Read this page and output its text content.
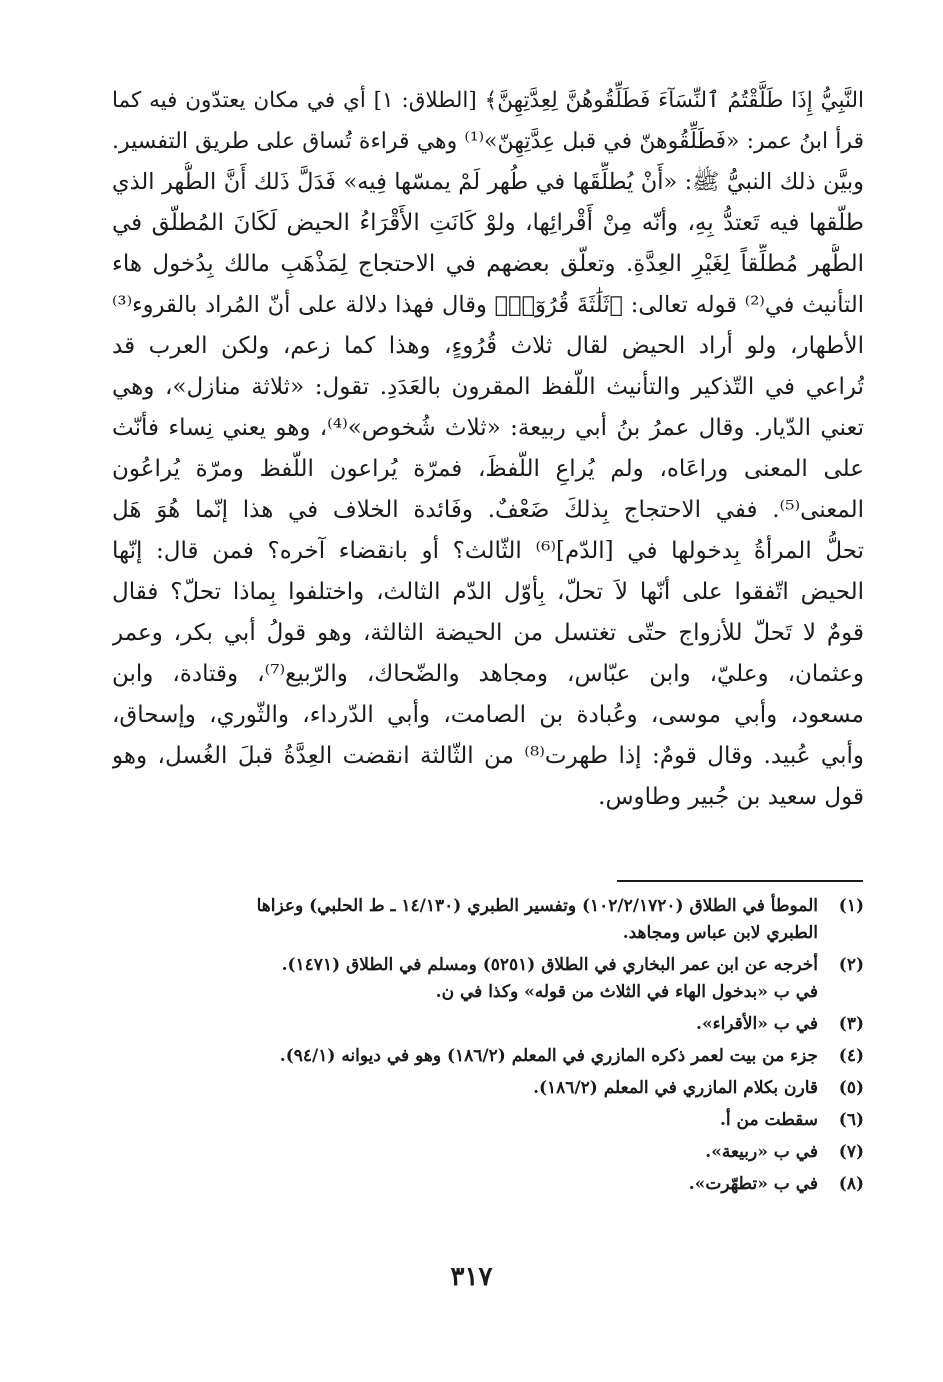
النَّبِيُّ إِذَا طَلَّقْتُمُ ٱلنِّسَآءَ فَطَلِّقُوهُنَّ لِعِدَّتِهِنَّ﴾ [الطلاق: ١] أي في مكان يعتدّون فيه كما
قرأ ابنُ عمر: «فَطَلِّقُوهنّ في قبل عِدَّتِهِنّ»⁽¹⁾ وهي قراءة تُساق على طريق التفسير.
وبيَّن ذلك النبيُّ ﷺ: «أَنْ يُطلِّقَها في طُهر لَمْ يمسّها فِيه» فَدَلَّ ذَلك أَنَّ الطُّهر الذي
طلّقها فيه تَعتدُّ بِهِ، وأنّه مِنْ أَقْرائِها، ولوْ كَانَتِ الأَقْرَاءُ الحيض لَكَانَ المُطلّق في
الطُّهر مُطلِّقاً لِغَيْرِ العِدَّةِ. وتعلّق بعضهم في الاحتجاج لِمَذْهَبِ مالك بِدُخول هاء
التأنيث في⁽²⁾ قوله تعالى: ﴿ثَلَٰثَةَ قُرُوٓءٖ﴾ وقال فهذا دلالة على أنّ المُراد بالقروء⁽³⁾
الأطهار، ولو أراد الحيض لقال ثلاث قُرُوءٍ، وهذا كما زعم، ولكن العرب قد
تُراعي في التّذكير والتأنيث اللّفظ المقرون بالعَدَدِ. تقول: «ثلاثة منازل»، وهي
تعني الدّيار. وقال عمرُ بنُ أبي ربيعة: «ثلاث شُخوص»⁽⁴⁾، وهو يعني نِساء فأنّث
على المعنى وراعَاه، ولم يُراعِ اللّفظَ، فمرّة يُراعون اللّفظ ومرّة يُراعُون
المعنى⁽⁵⁾. ففي الاحتجاج بِذلكَ ضَعْفٌ. وفَائدة الخلاف في هذا إنّما هُوَ هَل
تحلُّ المرأةُ بِدخولها في [الدّم]⁽⁶⁾ الثّالث؟ أو بانقضاء آخره؟ فمن قال: إنّها
الحيض اتّفقوا على أنّها لاَ تحلّ، بِأوّل الدّم الثالث، واختلفوا بِماذا تحلّ؟ فقال
قومٌ لا تَحلّ للأزواج حتّى تغتسل من الحيضة الثالثة، وهو قولُ أبي بكر، وعمر
وعثمان، وعليّ، وابن عبّاس، ومجاهد والضّحاك، والرّبيع⁽⁷⁾، وقتادة، وابن
مسعود، وأبي موسى، وعُبادة بن الصامت، وأبي الدّرداء، والثّوري، وإسحاق،
وأبي عُبيد. وقال قومٌ: إذا طهرت⁽⁸⁾ من الثّالثة انقضت العِدَّةُ قبلَ الغُسل، وهو
قول سعيد بن جُبير وطاوس.
(١)
الموطأ في الطلاق (١٠٢/٢/١٧٢٠) وتفسير الطبري (١٤/١٣٠ ـ ط الحلبي) وعزاها
الطبري لابن عباس ومجاهد.
(٢)
أخرجه عن ابن عمر البخاري في الطلاق (٥٢٥١) ومسلم في الطلاق (١٤٧١).
في ب «بدخول الهاء في الثلاث من قوله» وكذا في ن.
(٣)
في ب «الأقراء».
(٤)
جزء من بيت لعمر ذكره المازري في المعلم (١٨٦/٢) وهو في ديوانه (٩٤/١).
(٥)
قارن بكلام المازري في المعلم (١٨٦/٢).
(٦)
سقطت من أ.
(٧)
في ب «ربيعة».
(٨)
في ب «تطهّرت».
٣١٧
